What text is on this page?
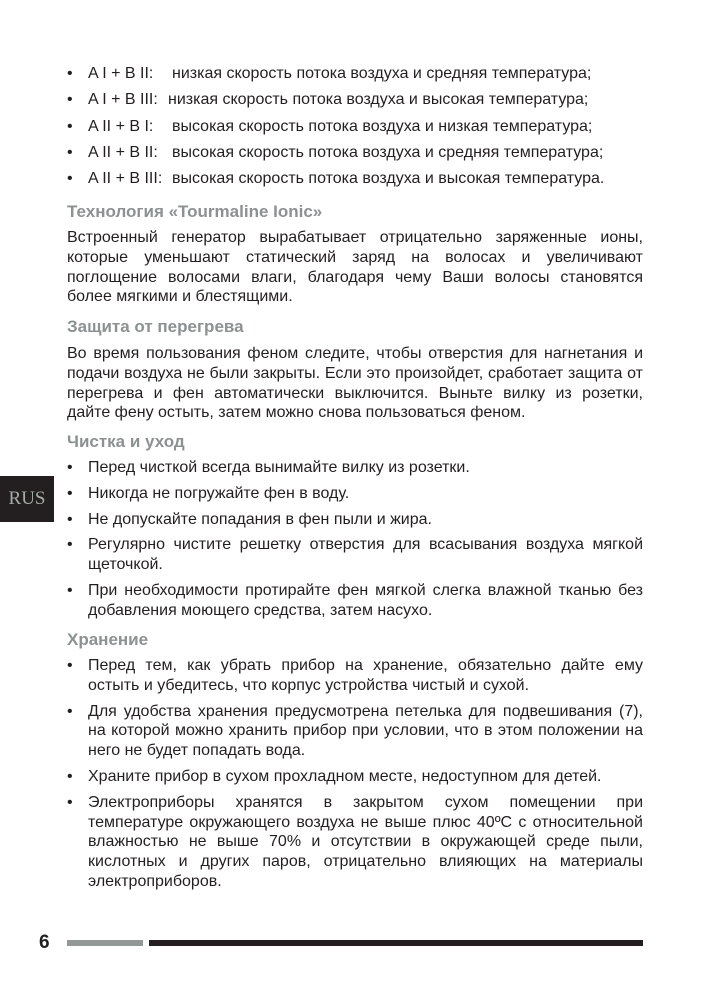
• A I + B II: низкая скорость потока воздуха и средняя температура;
• A I + B III: низкая скорость потока воздуха и высокая температура;
• A II + B I: высокая скорость потока воздуха и низкая температура;
• A II + B II: высокая скорость потока воздуха и средняя температура;
• A II + B III: высокая скорость потока воздуха и высокая температура.
Технология «Tourmaline Ionic»
Встроенный генератор вырабатывает отрицательно заряженные ионы, которые уменьшают статический заряд на волосах и увеличивают поглощение волосами влаги, благодаря чему Ваши волосы становятся более мягкими и блестящими.
Защита от перегрева
Во время пользования феном следите, чтобы отверстия для нагнетания и подачи воздуха не были закрыты. Если это произойдет, сработает защита от перегрева и фен автоматически выключится. Выньте вилку из розетки, дайте фену остыть, затем можно снова пользоваться феном.
Чистка и уход
• Перед чисткой всегда вынимайте вилку из розетки.
• Никогда не погружайте фен в воду.
• Не допускайте попадания в фен пыли и жира.
• Регулярно чистите решетку отверстия для всасывания воздуха мягкой щеточкой.
• При необходимости протирайте фен мягкой слегка влажной тканью без добавления моющего средства, затем насухо.
Хранение
• Перед тем, как убрать прибор на хранение, обязательно дайте ему остыть и убедитесь, что корпус устройства чистый и сухой.
• Для удобства хранения предусмотрена петелька для подвешивания (7), на которой можно хранить прибор при условии, что в этом положении на него не будет попадать вода.
• Храните прибор в сухом прохладном месте, недоступном для детей.
• Электроприборы хранятся в закрытом сухом помещении при температуре окружающего воздуха не выше плюс 40ºC с относительной влажностью не выше 70% и отсутствии в окружающей среде пыли, кислотных и других паров, отрицательно влияющих на материалы электроприборов.
RUS
6
